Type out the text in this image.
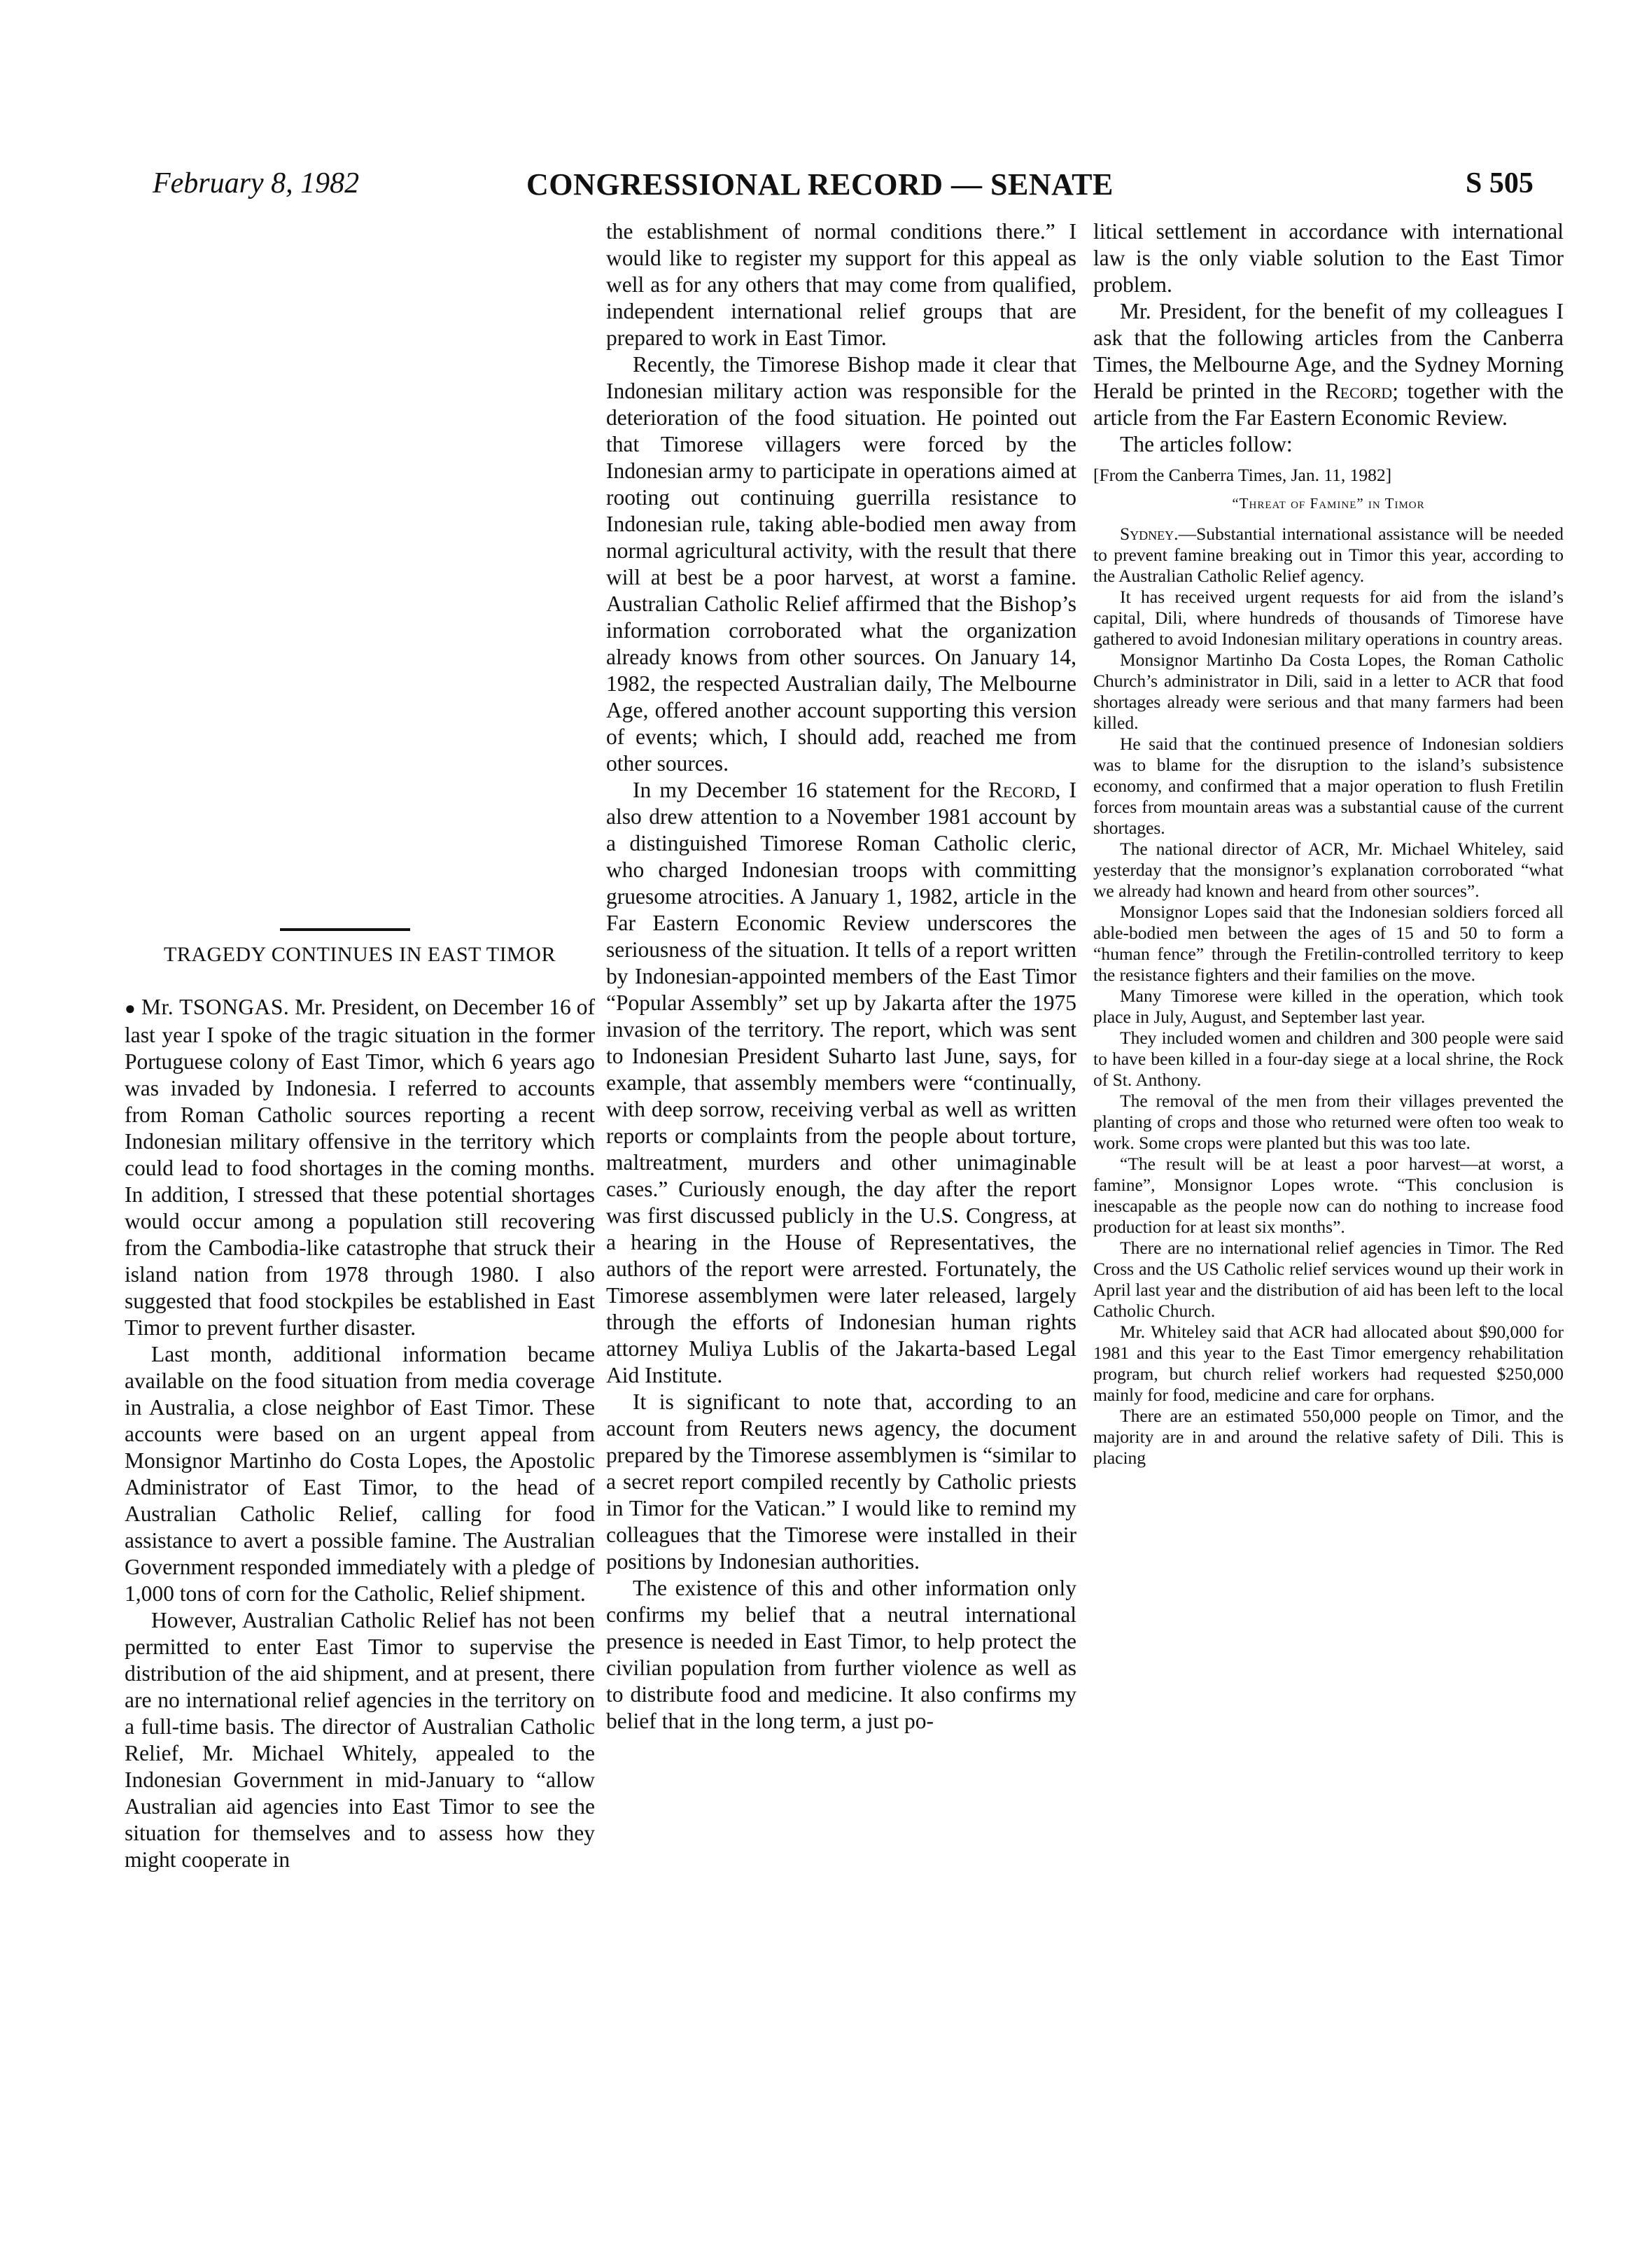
February 8, 1982	CONGRESSIONAL RECORD — SENATE	S 505
TRAGEDY CONTINUES IN EAST TIMOR

● Mr. TSONGAS. Mr. President, on December 16 of last year I spoke of the tragic situation in the former Portuguese colony of East Timor, which 6 years ago was invaded by Indonesia. I referred to accounts from Roman Catholic sources reporting a recent Indonesian military offensive in the territory which could lead to food shortages in the coming months. In addition, I stressed that these potential shortages would occur among a population still recovering from the Cambodia-like catastrophe that struck their island nation from 1978 through 1980. I also suggested that food stockpiles be established in East Timor to prevent further disaster.

Last month, additional information became available on the food situation from media coverage in Australia, a close neighbor of East Timor. These accounts were based on an urgent appeal from Monsignor Martinho do Costa Lopes, the Apostolic Administrator of East Timor, to the head of Australian Catholic Relief, calling for food assistance to avert a possible famine. The Australian Government responded immediately with a pledge of 1,000 tons of corn for the Catholic, Relief shipment.

However, Australian Catholic Relief has not been permitted to enter East Timor to supervise the distribution of the aid shipment, and at present, there are no international relief agencies in the territory on a full-time basis. The director of Australian Catholic Relief, Mr. Michael Whitely, appealed to the Indonesian Government in mid-January to “allow Australian aid agencies into East Timor to see the situation for themselves and to assess how they might cooperate in

the establishment of normal conditions there.” I would like to register my support for this appeal as well as for any others that may come from qualified, independent international relief groups that are prepared to work in East Timor.

Recently, the Timorese Bishop made it clear that Indonesian military action was responsible for the deterioration of the food situation. He pointed out that Timorese villagers were forced by the Indonesian army to participate in operations aimed at rooting out continuing guerrilla resistance to Indonesian rule, taking able-bodied men away from normal agricultural activity, with the result that there will at best be a poor harvest, at worst a famine. Australian Catholic Relief affirmed that the Bishop’s information corroborated what the organization already knows from other sources. On January 14, 1982, the respected Australian daily, The Melbourne Age, offered another account supporting this version of events; which, I should add, reached me from other sources.

In my December 16 statement for the Record, I also drew attention to a November 1981 account by a distinguished Timorese Roman Catholic cleric, who charged Indonesian troops with committing gruesome atrocities. A January 1, 1982, article in the Far Eastern Economic Review underscores the seriousness of the situation. It tells of a report written by Indonesian-appointed members of the East Timor “Popular Assembly” set up by Jakarta after the 1975 invasion of the territory. The report, which was sent to Indonesian President Suharto last June, says, for example, that assembly members were “continually, with deep sorrow, receiving verbal as well as written reports or complaints from the people about torture, maltreatment, murders and other unimaginable cases.” Curiously enough, the day after the report was first discussed publicly in the U.S. Congress, at a hearing in the House of Representatives, the authors of the report were arrested. Fortunately, the Timorese assemblymen were later released, largely through the efforts of Indonesian human rights attorney Muliya Lublis of the Jakarta-based Legal Aid Institute.

It is significant to note that, according to an account from Reuters news agency, the document prepared by the Timorese assemblymen is “similar to a secret report compiled recently by Catholic priests in Timor for the Vatican.” I would like to remind my colleagues that the Timorese were installed in their positions by Indonesian authorities.

The existence of this and other information only confirms my belief that a neutral international presence is needed in East Timor, to help protect the civilian population from further violence as well as to distribute food and medicine. It also confirms my belief that in the long term, a just po-

litical settlement in accordance with international law is the only viable solution to the East Timor problem.

Mr. President, for the benefit of my colleagues I ask that the following articles from the Canberra Times, the Melbourne Age, and the Sydney Morning Herald be printed in the Record; together with the article from the Far Eastern Economic Review.

The articles follow:

[From the Canberra Times, Jan. 11, 1982]

“Threat of Famine” in Timor

Sydney.—Substantial international assistance will be needed to prevent famine breaking out in Timor this year, according to the Australian Catholic Relief agency.

It has received urgent requests for aid from the island’s capital, Dili, where hundreds of thousands of Timorese have gathered to avoid Indonesian military operations in country areas.

Monsignor Martinho Da Costa Lopes, the Roman Catholic Church’s administrator in Dili, said in a letter to ACR that food shortages already were serious and that many farmers had been killed.

He said that the continued presence of Indonesian soldiers was to blame for the disruption to the island’s subsistence economy, and confirmed that a major operation to flush Fretilin forces from mountain areas was a substantial cause of the current shortages.

The national director of ACR, Mr. Michael Whiteley, said yesterday that the monsignor’s explanation corroborated “what we already had known and heard from other sources”.

Monsignor Lopes said that the Indonesian soldiers forced all able-bodied men between the ages of 15 and 50 to form a “human fence” through the Fretilin-controlled territory to keep the resistance fighters and their families on the move.

Many Timorese were killed in the operation, which took place in July, August, and September last year.

They included women and children and 300 people were said to have been killed in a four-day siege at a local shrine, the Rock of St. Anthony.

The removal of the men from their villages prevented the planting of crops and those who returned were often too weak to work. Some crops were planted but this was too late.

“The result will be at least a poor harvest—at worst, a famine”, Monsignor Lopes wrote. “This conclusion is inescapable as the people now can do nothing to increase food production for at least six months”.

There are no international relief agencies in Timor. The Red Cross and the US Catholic relief services wound up their work in April last year and the distribution of aid has been left to the local Catholic Church.

Mr. Whiteley said that ACR had allocated about $90,000 for 1981 and this year to the East Timor emergency rehabilitation program, but church relief workers had requested $250,000 mainly for food, medicine and care for orphans.

There are an estimated 550,000 people on Timor, and the majority are in and around the relative safety of Dili. This is placing
